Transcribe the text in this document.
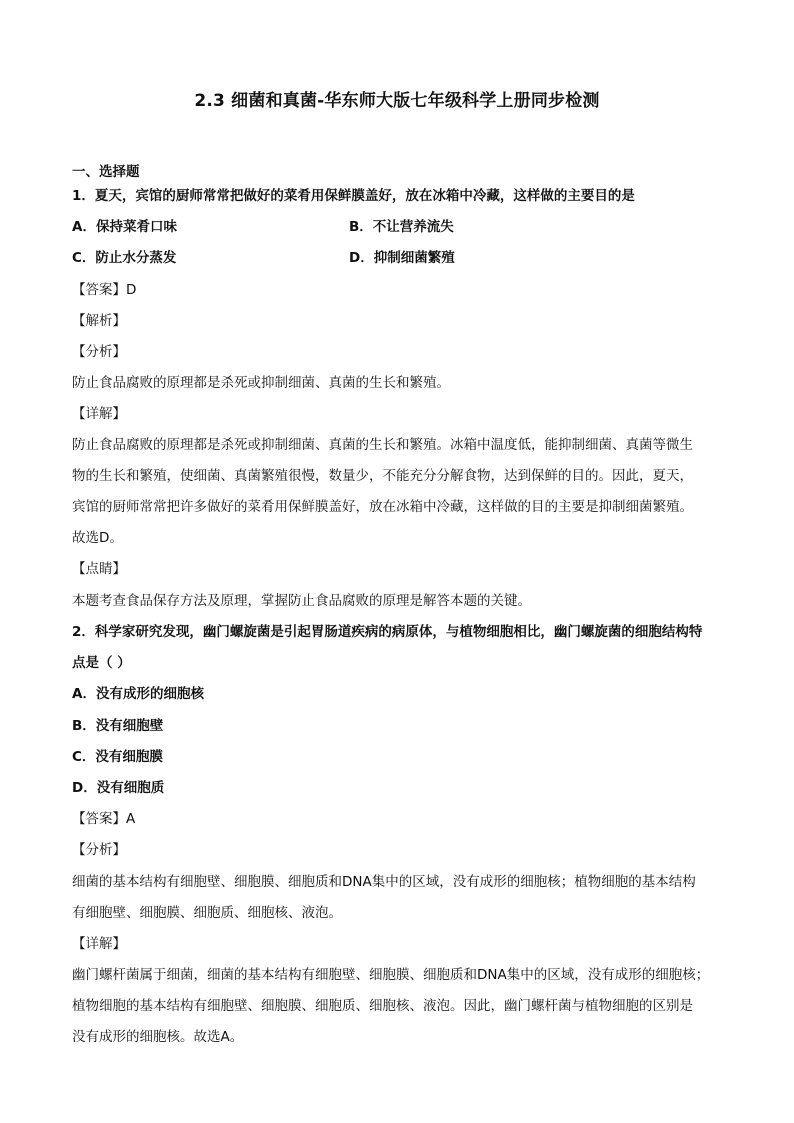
2.3 细菌和真菌-华东师大版七年级科学上册同步检测
一、选择题
1．夏天，宾馆的厨师常常把做好的菜肴用保鲜膜盖好，放在冰箱中冷藏，这样做的主要目的是
A．保持菜肴口味	B．不让营养流失
C．防止水分蒸发	D．抑制细菌繁殖
【答案】D
【解析】
【分析】
防止食品腐败的原理都是杀死或抑制细菌、真菌的生长和繁殖。
【详解】
防止食品腐败的原理都是杀死或抑制细菌、真菌的生长和繁殖。冰箱中温度低，能抑制细菌、真菌等微生
物的生长和繁殖，使细菌、真菌繁殖很慢，数量少，不能充分分解食物，达到保鲜的目的。因此，夏天，
宾馆的厨师常常把许多做好的菜肴用保鲜膜盖好，放在冰箱中冷藏，这样做的目的主要是抑制细菌繁殖。
故选D。
【点睛】
本题考查食品保存方法及原理，掌握防止食品腐败的原理是解答本题的关键。
2．科学家研究发现，幽门螺旋菌是引起胃肠道疾病的病原体，与植物细胞相比，幽门螺旋菌的细胞结构特
点是（ ）
A．没有成形的细胞核
B．没有细胞壁
C．没有细胞膜
D．没有细胞质
【答案】A
【分析】
细菌的基本结构有细胞壁、细胞膜、细胞质和DNA集中的区域，没有成形的细胞核；植物细胞的基本结构
有细胞壁、细胞膜、细胞质、细胞核、液泡。
【详解】
幽门螺杆菌属于细菌，细菌的基本结构有细胞壁、细胞膜、细胞质和DNA集中的区域，没有成形的细胞核；
植物细胞的基本结构有细胞壁、细胞膜、细胞质、细胞核、液泡。因此，幽门螺杆菌与植物细胞的区别是
没有成形的细胞核。故选A。
